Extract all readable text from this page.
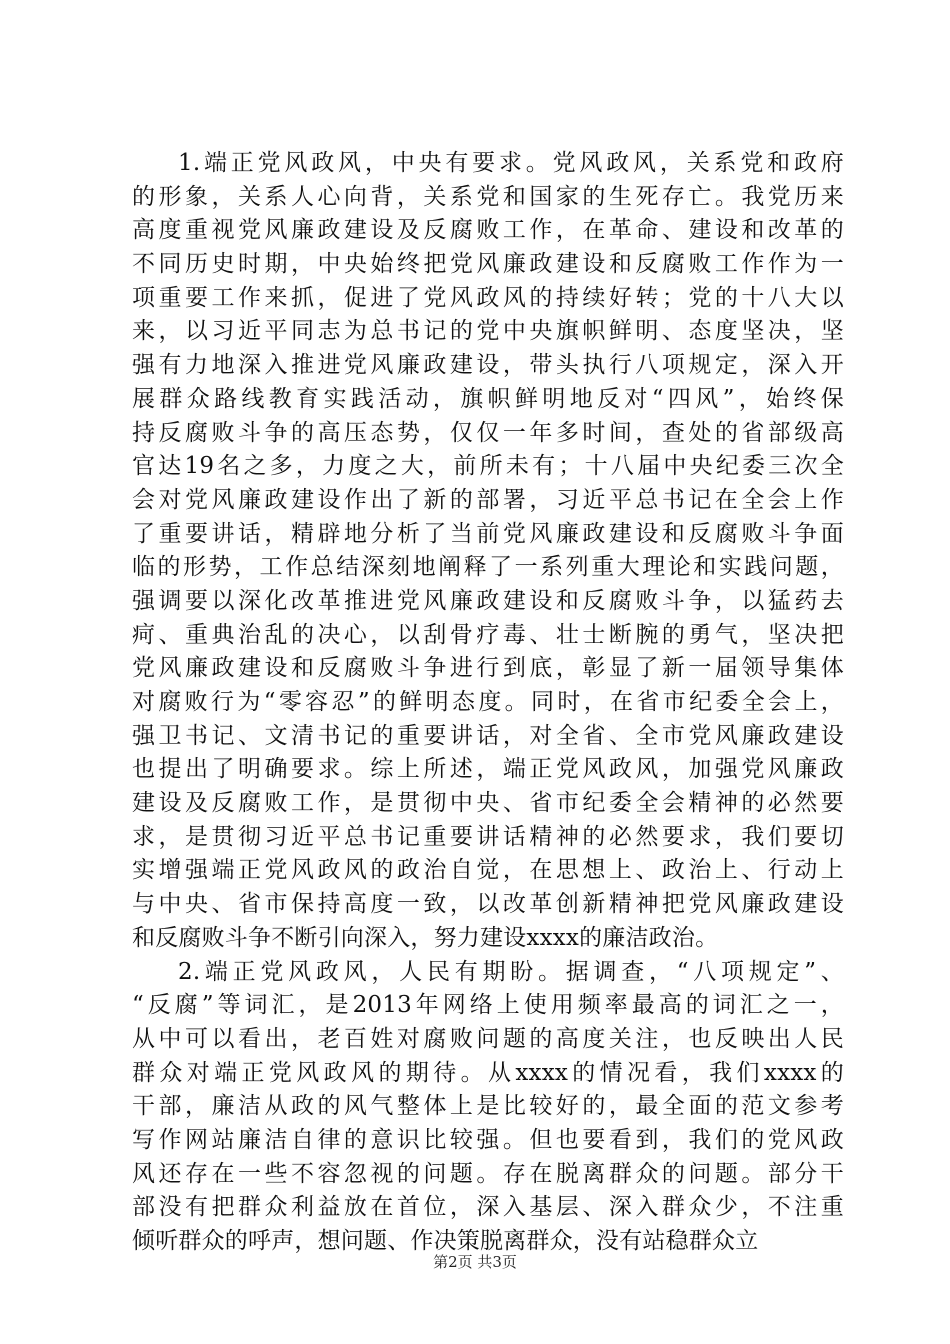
1.端正党风政风，中央有要求。党风政风，关系党和政府
的形象，关系人心向背，关系党和国家的生死存亡。我党历来
高度重视党风廉政建设及反腐败工作，在革命、建设和改革的
不同历史时期，中央始终把党风廉政建设和反腐败工作作为一
项重要工作来抓，促进了党风政风的持续好转；党的十八大以
来，以习近平同志为总书记的党中央旗帜鲜明、态度坚决，坚
强有力地深入推进党风廉政建设，带头执行八项规定，深入开
展群众路线教育实践活动，旗帜鲜明地反对“四风”，始终保
持反腐败斗争的高压态势，仅仅一年多时间，查处的省部级高
官达19名之多，力度之大，前所未有；十八届中央纪委三次全
会对党风廉政建设作出了新的部署，习近平总书记在全会上作
了重要讲话，精辟地分析了当前党风廉政建设和反腐败斗争面
临的形势，工作总结深刻地阐释了一系列重大理论和实践问题，
强调要以深化改革推进党风廉政建设和反腐败斗争，以猛药去
疴、重典治乱的决心，以刮骨疗毒、壮士断腕的勇气，坚决把
党风廉政建设和反腐败斗争进行到底，彰显了新一届领导集体
对腐败行为“零容忍”的鲜明态度。同时，在省市纪委全会上，
强卫书记、文清书记的重要讲话，对全省、全市党风廉政建设
也提出了明确要求。综上所述，端正党风政风，加强党风廉政
建设及反腐败工作，是贯彻中央、省市纪委全会精神的必然要
求，是贯彻习近平总书记重要讲话精神的必然要求，我们要切
实增强端正党风政风的政治自觉，在思想上、政治上、行动上
与中央、省市保持高度一致，以改革创新精神把党风廉政建设
和反腐败斗争不断引向深入，努力建设xxxx的廉洁政治。
2.端正党风政风，人民有期盼。据调查，“八项规定”、
“反腐”等词汇，是2013年网络上使用频率最高的词汇之一，
从中可以看出，老百姓对腐败问题的高度关注，也反映出人民
群众对端正党风政风的期待。从xxxx的情况看，我们xxxx的
干部，廉洁从政的风气整体上是比较好的，最全面的范文参考
写作网站廉洁自律的意识比较强。但也要看到，我们的党风政
风还存在一些不容忽视的问题。存在脱离群众的问题。部分干
部没有把群众利益放在首位，深入基层、深入群众少，不注重
倾听群众的呼声，想问题、作决策脱离群众，没有站稳群众立
第2页 共3页
